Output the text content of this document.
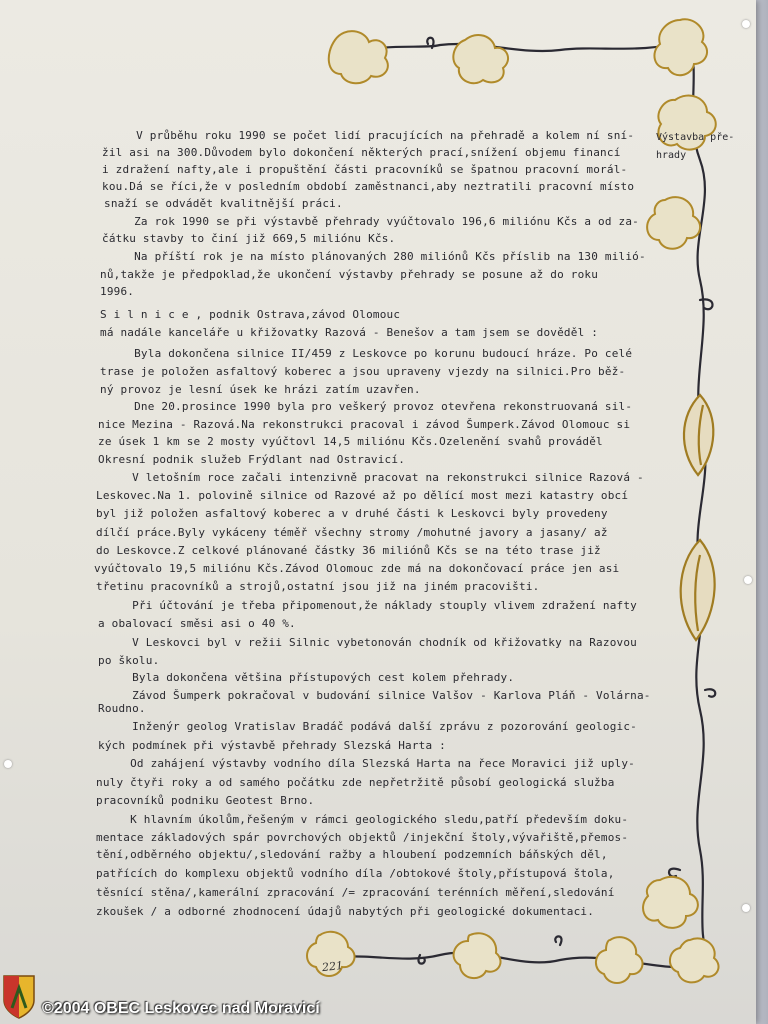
Výstavba pře-
hrady
V průběhu roku 1990 se počet lidí pracujících na přehradě a kolem ní sní-
žil asi na 300.Důvodem bylo dokončení některých prací,snížení objemu financí
i zdražení nafty,ale i propuštění části pracovníků se špatnou pracovní morál-
kou.Dá se říci,že v posledním období zaměstnanci,aby neztratili pracovní místo
snaží se odvádět kvalitnější práci.
Za rok 1990 se při výstavbě přehrady vyúčtovalo 196,6 miliónu Kčs a od za-
čátku stavby to činí již 669,5 miliónu Kčs.
Na příští rok je na místo plánovaných 280 miliónů Kčs příslib na 130 milió-
nů,takže je předpoklad,že ukončení výstavby přehrady se posune až do roku
1996.
S i l n i c e , podnik Ostrava,závod Olomouc
má nadále kanceláře u křižovatky Razová - Benešov a tam jsem se dověděl :
Byla dokončena silnice II/459 z Leskovce po korunu budoucí hráze. Po celé
trase je položen asfaltový koberec a jsou upraveny vjezdy na silnici.Pro běž-
ný provoz je lesní úsek ke hrázi zatím uzavřen.
Dne 20.prosince 1990 byla pro veškerý provoz otevřena rekonstruovaná sil-
nice Mezina - Razová.Na rekonstrukci pracoval i závod Šumperk.Závod Olomouc si
ze úsek 1 km se 2 mosty vyúčtovl 14,5 miliónu Kčs.Ozelenění svahů prováděl
Okresní podnik služeb Frýdlant nad Ostravicí.
V letošním roce začali intenzivně pracovat na rekonstrukci silnice Razová -
Leskovec.Na 1. polovině silnice od Razové až po dělící most mezi katastry obcí
byl již položen asfaltový koberec a v druhé části k Leskovci byly provedeny
dílčí práce.Byly vykáceny téměř všechny stromy /mohutné javory a jasany/ až
do Leskovce.Z celkové plánované částky 36 miliónů Kčs se na této trase již
vyúčtovalo 19,5 miliónu Kčs.Závod Olomouc zde má na dokončovací práce jen asi
třetinu pracovníků a strojů,ostatní jsou již na jiném pracovišti.
Při účtování je třeba připomenout,že náklady stouply vlivem zdražení nafty
a obalovací směsi asi o 40 %.
V Leskovci byl v režii Silnic vybetonován chodník od křižovatky na Razovou
po školu.
Byla dokončena většina přístupových cest kolem přehrady.
Závod Šumperk pokračoval v budování silnice Valšov - Karlova Pláň - Volárna-
Roudno.
Inženýr geolog Vratislav Bradáč podává další zprávu z pozorování geologic-
kých podmínek při výstavbě přehrady Slezská Harta :
Od zahájení výstavby vodního díla Slezská Harta na řece Moravici již uply-
nuly čtyři roky a od samého počátku zde nepřetržitě působí geologická služba
pracovníků podniku Geotest Brno.
K hlavním úkolům,řešeným v rámci geologického sledu,patří především doku-
mentace základových spár povrchových objektů /injekční štoly,vývařiště,přemos-
tění,odběrného objektu/,sledování ražby a hloubení podzemních báňských děl,
patřících do komplexu objektů vodního díla /obtokové štoly,přístupová štola,
těsnící stěna/,kamerální zpracování /= zpracování terénních měření,sledování
zkoušek / a odborné zhodnocení údajů nabytých při geologické dokumentaci.
221
©2004 OBEC Leskovec nad Moravicí
